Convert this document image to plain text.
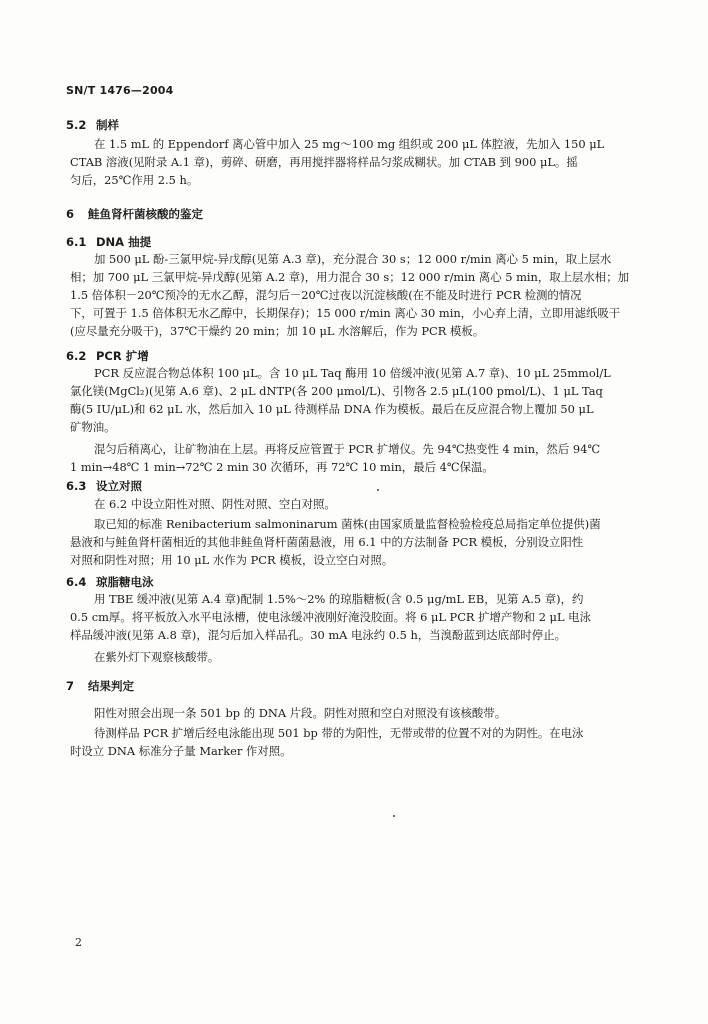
SN/T 1476—2004
5.2 制样
6 鲑鱼肾杆菌核酸的鉴定
6.1 DNA 抽提
6.2 PCR 扩增
6.3 设立对照
6.4 琼脂糖电泳
7 结果判定
在 1.5 mL 的 Eppendorf 离心管中加入 25 mg～100 mg 组织或 200 μL 体腔液，先加入 150 μL
CTAB 溶液(见附录 A.1 章)，剪碎、研磨，再用搅拌器将样品匀浆成糊状。加 CTAB 到 900 μL。摇
匀后，25℃作用 2.5 h。
加 500 μL 酚-三氯甲烷-异戊醇(见第 A.3 章)，充分混合 30 s；12 000 r/min 离心 5 min，取上层水
相；加 700 μL 三氯甲烷-异戊醇(见第 A.2 章)，用力混合 30 s；12 000 r/min 离心 5 min，取上层水相；加
1.5 倍体积－20℃预冷的无水乙醇，混匀后－20℃过夜以沉淀核酸(在不能及时进行 PCR 检测的情况
下，可置于 1.5 倍体积无水乙醇中，长期保存)；15 000 r/min 离心 30 min，小心弃上清，立即用滤纸吸干
(应尽量充分吸干)，37℃干燥约 20 min；加 10 μL 水溶解后，作为 PCR 模板。
PCR 反应混合物总体积 100 μL。含 10 μL Taq 酶用 10 倍缓冲液(见第 A.7 章)、10 μL 25mmol/L
氯化镁(MgCl₂)(见第 A.6 章)、2 μL dNTP(各 200 μmol/L)、引物各 2.5 μL(100 pmol/L)、1 μL Taq
酶(5 IU/μL)和 62 μL 水，然后加入 10 μL 待测样品 DNA 作为模板。最后在反应混合物上覆加 50 μL
矿物油。
混匀后稍离心，让矿物油在上层。再将反应管置于 PCR 扩增仪。先 94℃热变性 4 min，然后 94℃
1 min→48℃ 1 min→72℃ 2 min 30 次循环，再 72℃ 10 min，最后 4℃保温。
在 6.2 中设立阳性对照、阴性对照、空白对照。
取已知的标准 Renibacterium salmoninarum 菌株(由国家质量监督检验检疫总局指定单位提供)菌
悬液和与鲑鱼肾杆菌相近的其他非鲑鱼肾杆菌菌悬液，用 6.1 中的方法制备 PCR 模板，分别设立阳性
对照和阴性对照；用 10 μL 水作为 PCR 模板，设立空白对照。
用 TBE 缓冲液(见第 A.4 章)配制 1.5%～2% 的琼脂糖板(含 0.5 μg/mL EB，见第 A.5 章)，约
0.5 cm厚。将平板放入水平电泳槽，使电泳缓冲液刚好淹没胶面。将 6 μL PCR 扩增产物和 2 μL 电泳
样品缓冲液(见第 A.8 章)，混匀后加入样品孔。30 mA 电泳约 0.5 h，当溴酚蓝到达底部时停止。
在紫外灯下观察核酸带。
阳性对照会出现一条 501 bp 的 DNA 片段。阴性对照和空白对照没有该核酸带。
待测样品 PCR 扩增后经电泳能出现 501 bp 带的为阳性，无带或带的位置不对的为阴性。在电泳
时设立 DNA 标准分子量 Marker 作对照。
2
